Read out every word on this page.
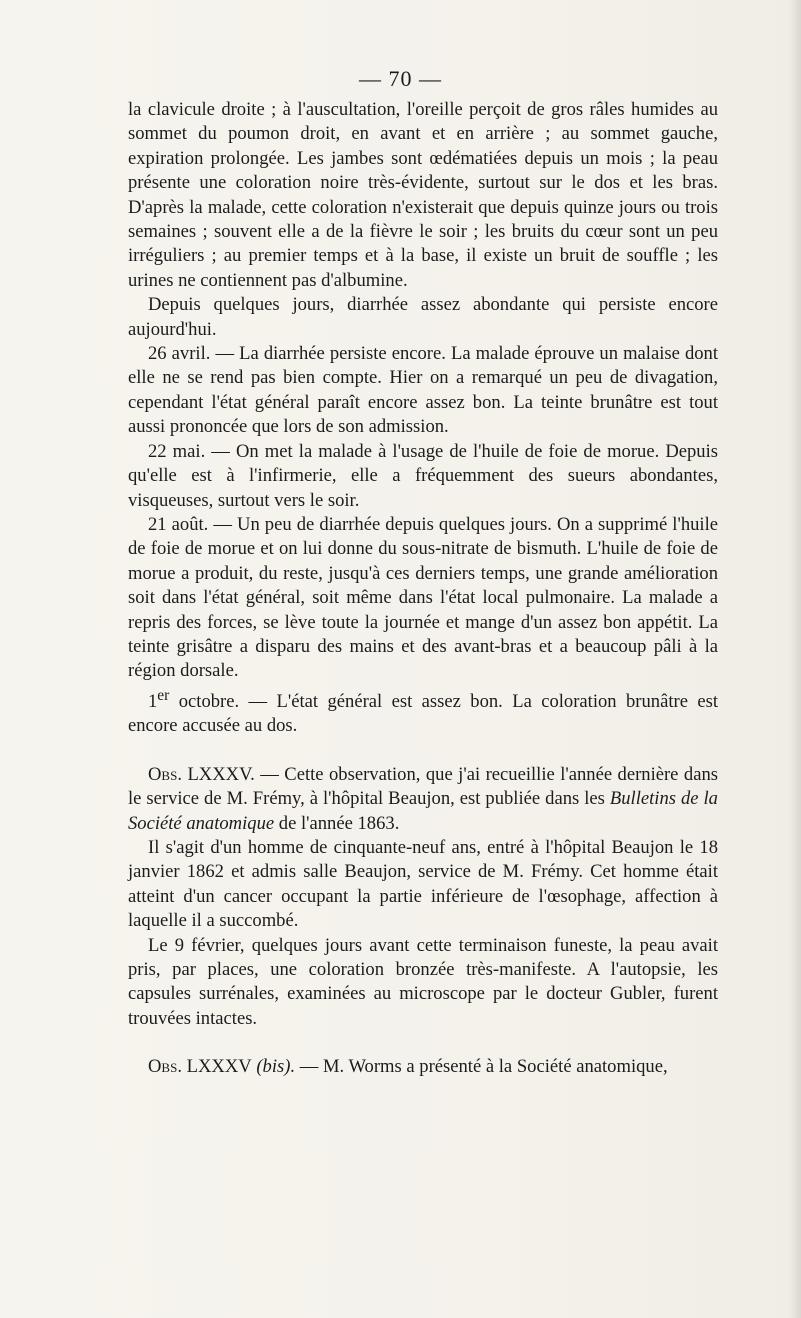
— 70 —

la clavicule droite ; à l'auscultation, l'oreille perçoit de gros râles humides au sommet du poumon droit, en avant et en arrière ; au sommet gauche, expiration prolongée. Les jambes sont œdématiées depuis un mois ; la peau présente une coloration noire très-évidente, surtout sur le dos et les bras. D'après la malade, cette coloration n'existerait que depuis quinze jours ou trois semaines ; souvent elle a de la fièvre le soir ; les bruits du cœur sont un peu irréguliers ; au premier temps et à la base, il existe un bruit de souffle ; les urines ne contiennent pas d'albumine.

Depuis quelques jours, diarrhée assez abondante qui persiste encore aujourd'hui.

26 avril. — La diarrhée persiste encore. La malade éprouve un malaise dont elle ne se rend pas bien compte. Hier on a remarqué un peu de divagation, cependant l'état général paraît encore assez bon. La teinte brunâtre est tout aussi prononcée que lors de son admission.

22 mai. — On met la malade à l'usage de l'huile de foie de morue. Depuis qu'elle est à l'infirmerie, elle a fréquemment des sueurs abondantes, visqueuses, surtout vers le soir.

21 août. — Un peu de diarrhée depuis quelques jours. On a supprimé l'huile de foie de morue et on lui donne du sous-nitrate de bismuth. L'huile de foie de morue a produit, du reste, jusqu'à ces derniers temps, une grande amélioration soit dans l'état général, soit même dans l'état local pulmonaire. La malade a repris des forces, se lève toute la journée et mange d'un assez bon appétit. La teinte grisâtre a disparu des mains et des avant-bras et a beaucoup pâli à la région dorsale.

1er octobre. — L'état général est assez bon. La coloration brunâtre est encore accusée au dos.

Obs. LXXXV. — Cette observation, que j'ai recueillie l'année dernière dans le service de M. Frémy, à l'hôpital Beaujon, est publiée dans les Bulletins de la Société anatomique de l'année 1863.

Il s'agit d'un homme de cinquante-neuf ans, entré à l'hôpital Beaujon le 18 janvier 1862 et admis salle Beaujon, service de M. Frémy. Cet homme était atteint d'un cancer occupant la partie inférieure de l'œsophage, affection à laquelle il a succombé.

Le 9 février, quelques jours avant cette terminaison funeste, la peau avait pris, par places, une coloration bronzée très-manifeste. A l'autopsie, les capsules surrénales, examinées au microscope par le docteur Gubler, furent trouvées intactes.

Obs. LXXXV (bis). — M. Worms a présenté à la Société anatomique,
